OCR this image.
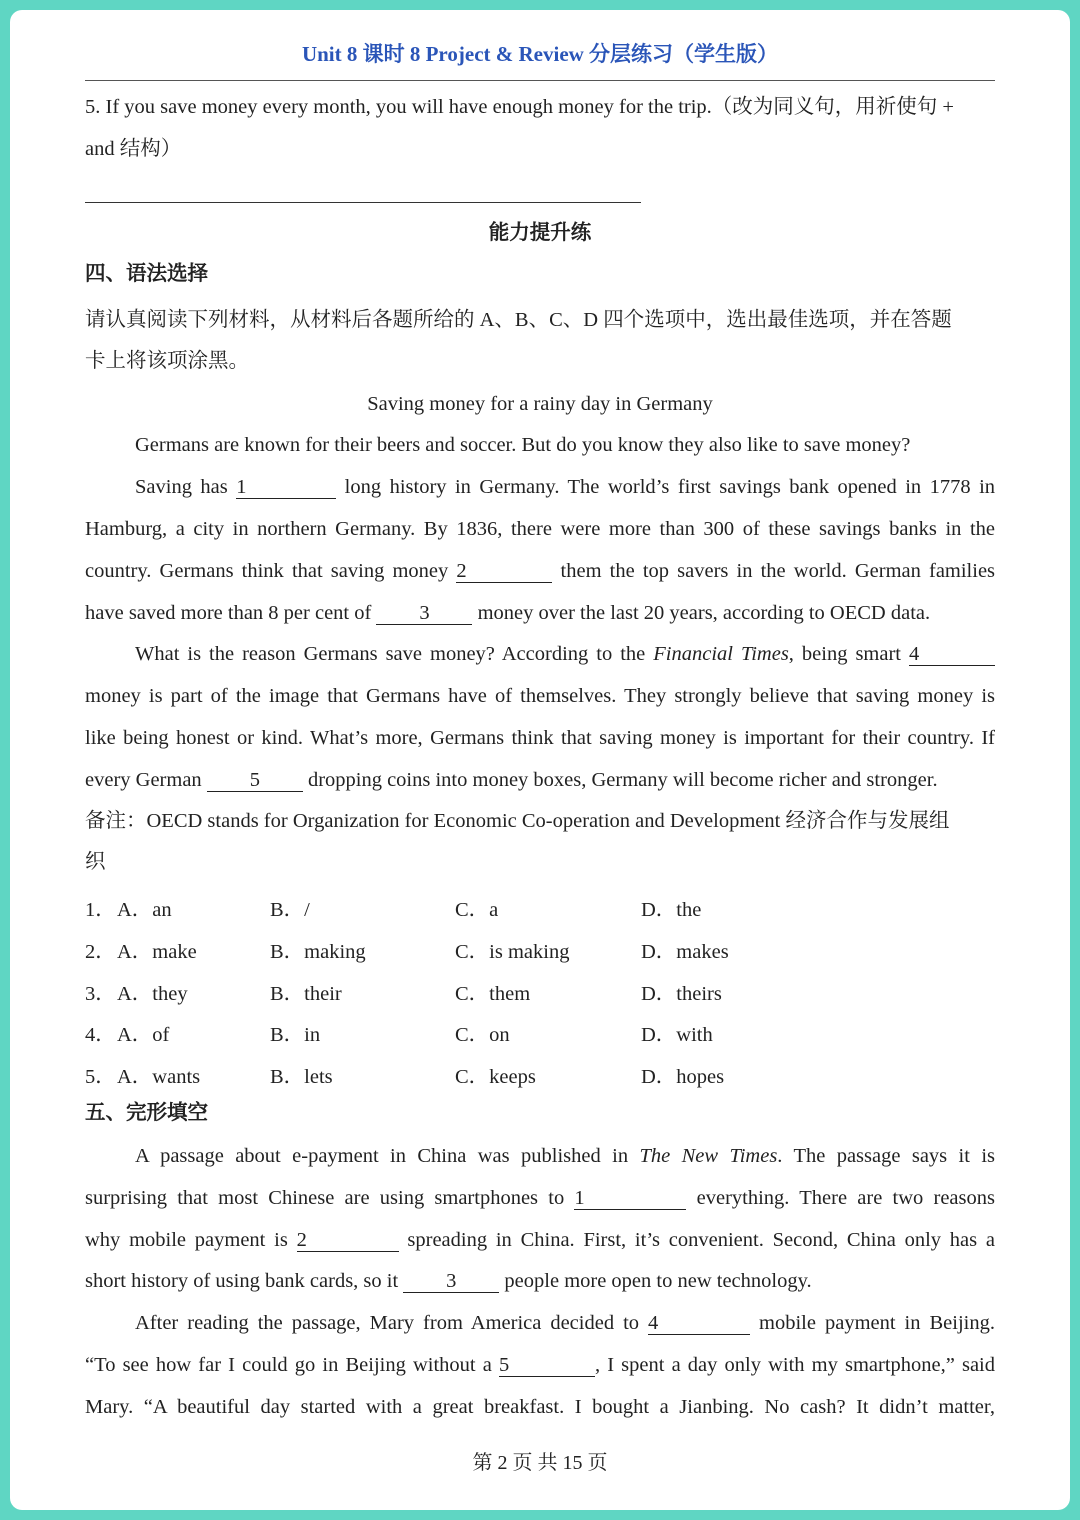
Unit 8 课时 8 Project & Review 分层练习（学生版）
5. If you save money every month, you will have enough money for the trip.（改为同义句，用祈使句 +
and 结构）
能力提升练
四、语法选择
请认真阅读下列材料，从材料后各题所给的 A、B、C、D 四个选项中，选出最佳选项，并在答题
卡上将该项涂黑。
Saving money for a rainy day in Germany
Germans are known for their beers and soccer. But do you know they also like to save money?
Saving has 1	long history in Germany. The world’s first savings bank opened in 1778 in
Hamburg, a city in northern Germany. By 1836, there were more than 300 of these savings banks in the
country. Germans think that saving money 2	them the top savers in the world. German families
have saved more than 8 per cent of 3 money over the last 20 years, according to OECD data.
What is the reason Germans save money? According to the Financial Times, being smart 4
money is part of the image that Germans have of themselves. They strongly believe that saving money is
like being honest or kind. What’s more, Germans think that saving money is important for their country. If
every German 5 dropping coins into money boxes, Germany will become richer and stronger.
备注：OECD stands for Organization for Economic Co-operation and Development 经济合作与发展组
织
1． A．an	B．/	C．a	D．the
2． A．make	B．making	C．is making	D．makes
3． A．they	B．their	C．them	D．theirs
4． A．of	B．in	C．on	D．with
5． A．wants	B．lets	C．keeps	D．hopes
五、完形填空
A passage about e-payment in China was published in The New Times. The passage says it is
surprising that most Chinese are using smartphones to 1	everything. There are two reasons
why mobile payment is 2	spreading in China. First, it’s convenient. Second, China only has a
short history of using bank cards, so it 3 people more open to new technology.
After reading the passage, Mary from America decided to 4	mobile payment in Beijing.
“To see how far I could go in Beijing without a 5	, I spent a day only with my smartphone,” said
Mary. “A beautiful day started with a great breakfast. I bought a Jianbing. No cash? It didn’t matter,
第 2 页 共 15 页
